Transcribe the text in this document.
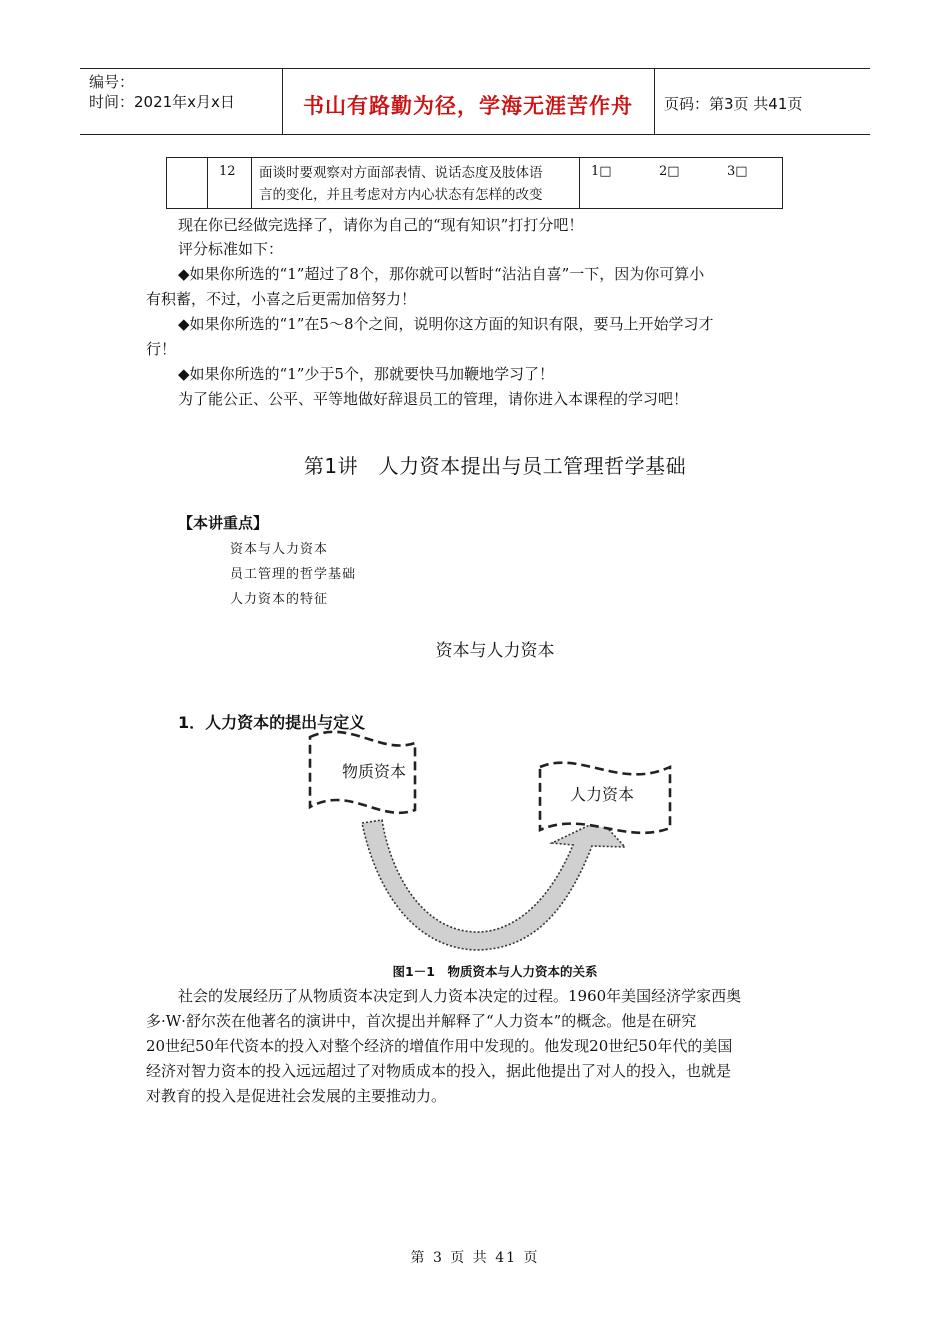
编号：
时间：2021年x月x日	书山有路勤为径，学海无涯苦作舟	页码：第3页 共41页
12 面谈时要观察对方面部表情、说话态度及肢体语
言的变化，并且考虑对方内心状态有怎样的改变
1□	2□	3□
现在你已经做完选择了，请你为自己的“现有知识”打打分吧！
评分标准如下：
◆如果你所选的“1”超过了8个，那你就可以暂时“沾沾自喜”一下，因为你可算小
有积蓄，不过，小喜之后更需加倍努力！
◆如果你所选的“1”在5～8个之间，说明你这方面的知识有限，要马上开始学习才
行！
◆如果你所选的“1”少于5个，那就要快马加鞭地学习了！
为了能公正、公平、平等地做好辞退员工的管理，请你进入本课程的学习吧！
第1讲　人力资本提出与员工管理哲学基础
【本讲重点】
资本与人力资本
员工管理的哲学基础
人力资本的特征
资本与人力资本
1．人力资本的提出与定义
物质资本
人力资本
图1－1　物质资本与人力资本的关系
社会的发展经历了从物质资本决定到人力资本决定的过程。1960年美国经济学家西奥
多·W·舒尔茨在他著名的演讲中，首次提出并解释了“人力资本”的概念。他是在研究
20世纪50年代资本的投入对整个经济的增值作用中发现的。他发现20世纪50年代的美国
经济对智力资本的投入远远超过了对物质成本的投入，据此他提出了对人的投入，也就是
对教育的投入是促进社会发展的主要推动力。
第 3 页 共 41 页
